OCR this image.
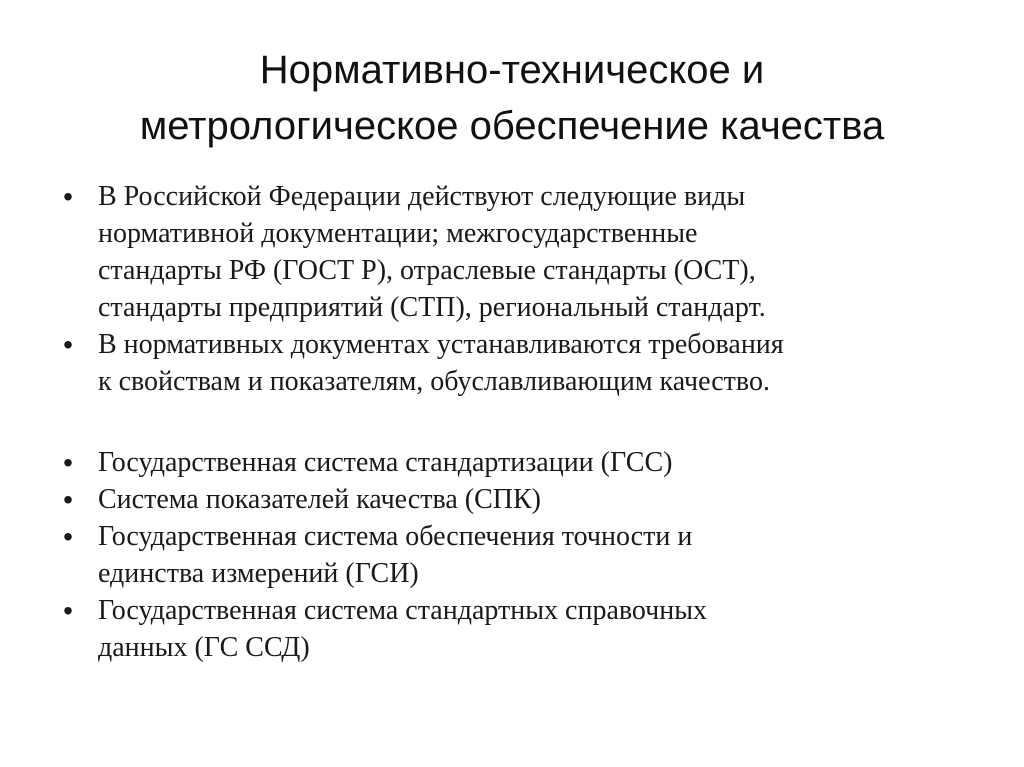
Нормативно-техническое и
метрологическое обеспечение качества
• В Российской Федерации действуют следующие виды
нормативной документации; межгосударственные
стандарты РФ (ГОСТ Р), отраслевые стандарты (ОСТ),
стандарты предприятий (СТП), региональный стандарт.
• В нормативных документах устанавливаются требования
к свойствам и показателям, обуславливающим качество.
• Государственная система стандартизации (ГСС)
• Система показателей качества (СПК)
• Государственная система обеспечения точности и
единства измерений (ГСИ)
• Государственная система стандартных справочных
данных (ГС ССД)
